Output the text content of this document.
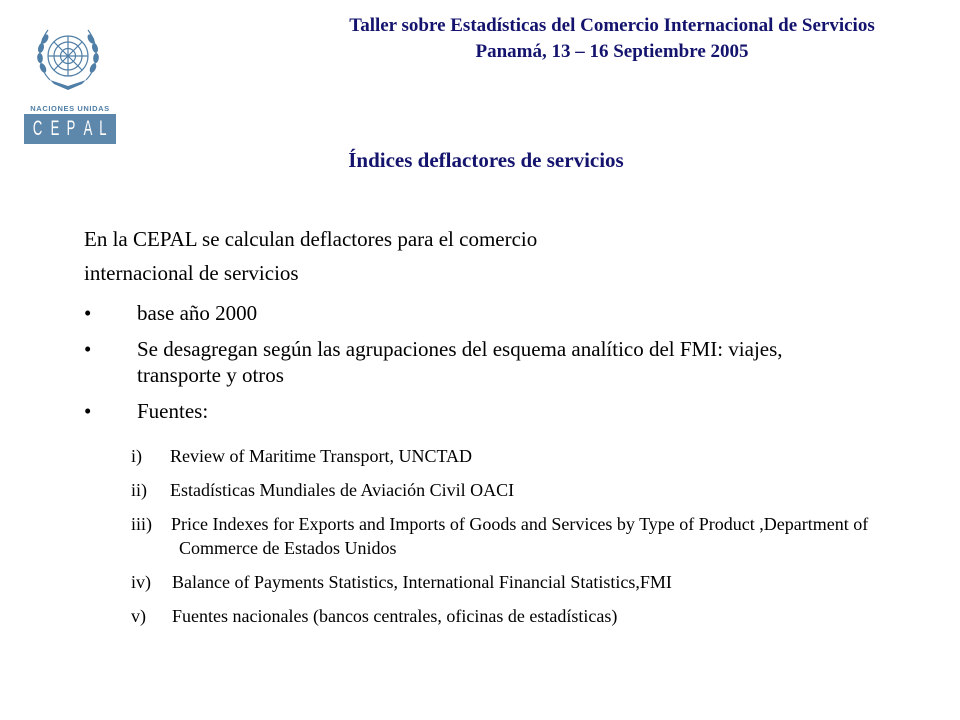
NACIONES UNIDAS
C E P A L
Taller sobre Estadísticas del Comercio Internacional de Servicios
Panamá, 13 – 16 Septiembre 2005
Índices deflactores de servicios
En la CEPAL se calculan deflactores para el comercio
internacional de servicios
•	base año 2000
•	Se desagregan según las agrupaciones del esquema analítico del FMI: viajes, transporte y otros
•	Fuentes:
i)	Review of Maritime Transport, UNCTAD
ii)	Estadísticas Mundiales de Aviación Civil OACI
iii)	Price Indexes for Exports and Imports of Goods and Services by Type of Product ,Department of Commerce de Estados Unidos
iv)	Balance of Payments Statistics, International Financial Statistics,FMI
v)	Fuentes nacionales (bancos centrales, oficinas de estadísticas)
